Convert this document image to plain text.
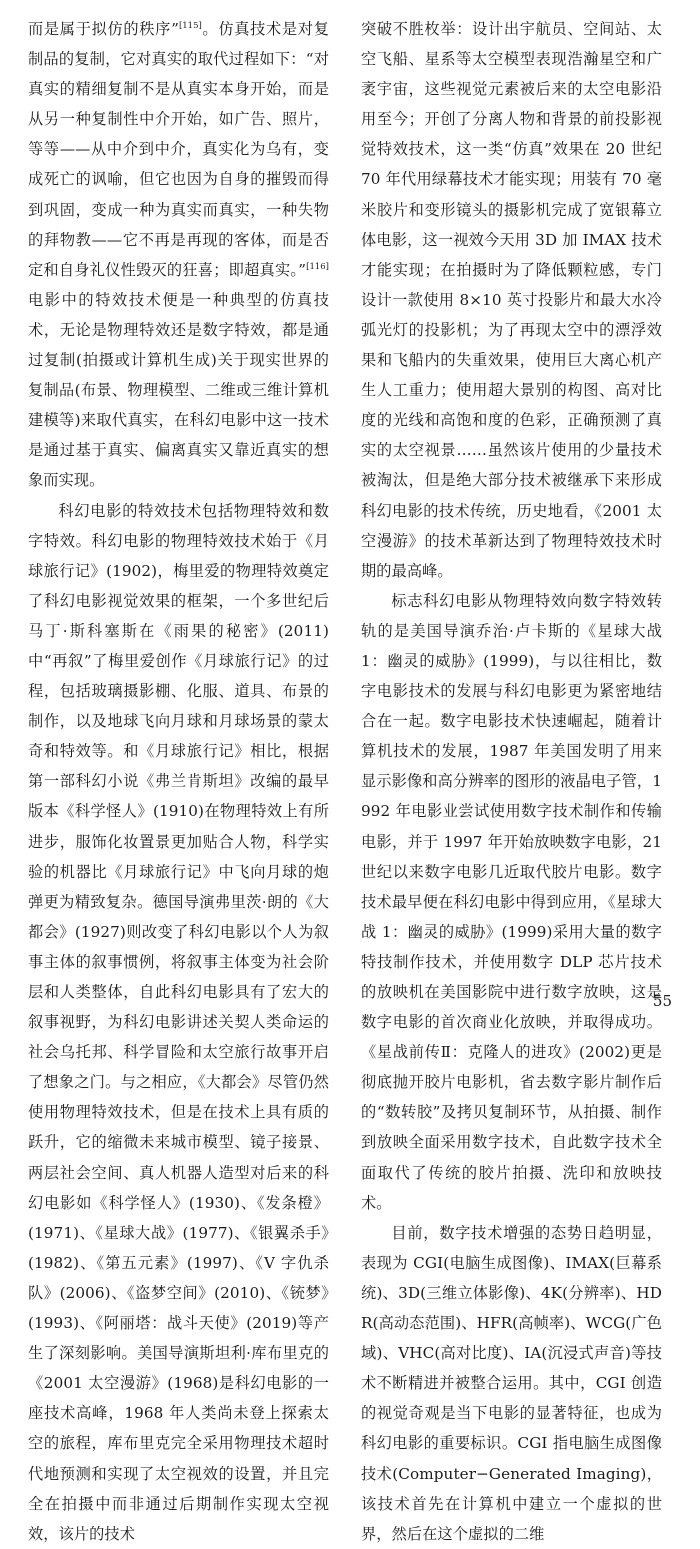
而是属于拟仿的秩序”[115]。仿真技术是对复制品的复制，它对真实的取代过程如下：“对真实的精细复制不是从真实本身开始，而是从另一种复制性中介开始，如广告、照片，等等——从中介到中介，真实化为乌有，变成死亡的讽喻，但它也因为自身的摧毁而得到巩固，变成一种为真实而真实，一种失物的拜物教——它不再是再现的客体，而是否定和自身礼仪性毁灭的狂喜；即超真实。”[116]电影中的特效技术便是一种典型的仿真技术，无论是物理特效还是数字特效，都是通过复制(拍摄或计算机生成)关于现实世界的复制品(布景、物理模型、二维或三维计算机建模等)来取代真实，在科幻电影中这一技术是通过基于真实、偏离真实又靠近真实的想象而实现。

科幻电影的特效技术包括物理特效和数字特效。科幻电影的物理特效技术始于《月球旅行记》(1902)，梅里爱的物理特效奠定了科幻电影视觉效果的框架，一个多世纪后马丁·斯科塞斯在《雨果的秘密》(2011)中“再叙”了梅里爱创作《月球旅行记》的过程，包括玻璃摄影棚、化服、道具、布景的制作，以及地球飞向月球和月球场景的蒙太奇和特效等。和《月球旅行记》相比，根据第一部科幻小说《弗兰肯斯坦》改编的最早版本《科学怪人》(1910)在物理特效上有所进步，服饰化妆置景更加贴合人物，科学实验的机器比《月球旅行记》中飞向月球的炮弹更为精致复杂。德国导演弗里茨·朗的《大都会》(1927)则改变了科幻电影以个人为叙事主体的叙事惯例，将叙事主体变为社会阶层和人类整体，自此科幻电影具有了宏大的叙事视野，为科幻电影讲述关契人类命运的社会乌托邦、科学冒险和太空旅行故事开启了想象之门。与之相应，《大都会》尽管仍然使用物理特效技术，但是在技术上具有质的跃升，它的缩微未来城市模型、镜子接景、两层社会空间、真人机器人造型对后来的科幻电影如《科学怪人》(1930)、《发条橙》(1971)、《星球大战》(1977)、《银翼杀手》(1982)、《第五元素》(1997)、《V 字仇杀队》(2006)、《盗梦空间》(2010)、《铳梦》(1993)、《阿丽塔：战斗天使》(2019)等产生了深刻影响。美国导演斯坦利·库布里克的《2001 太空漫游》(1968)是科幻电影的一座技术高峰，1968 年人类尚未登上探索太空的旅程，库布里克完全采用物理技术超时代地预测和实现了太空视效的设置，并且完全在拍摄中而非通过后期制作实现太空视效，该片的技术

突破不胜枚举：设计出宇航员、空间站、太空飞船、星系等太空模型表现浩瀚星空和广袤宇宙，这些视觉元素被后来的太空电影沿用至今；开创了分离人物和背景的前投影视觉特效技术，这一类“仿真”效果在 20 世纪 70 年代用绿幕技术才能实现；用装有 70 毫米胶片和变形镜头的摄影机完成了宽银幕立体电影，这一视效今天用 3D 加 IMAX 技术才能实现；在拍摄时为了降低颗粒感，专门设计一款使用 8×10 英寸投影片和最大水冷弧光灯的投影机；为了再现太空中的漂浮效果和飞船内的失重效果，使用巨大离心机产生人工重力；使用超大景别的构图、高对比度的光线和高饱和度的色彩，正确预测了真实的太空视景……虽然该片使用的少量技术被淘汰，但是绝大部分技术被继承下来形成科幻电影的技术传统，历史地看，《2001 太空漫游》的技术革新达到了物理特效技术时期的最高峰。

标志科幻电影从物理特效向数字特效转轨的是美国导演乔治·卢卡斯的《星球大战 1：幽灵的威胁》(1999)，与以往相比，数字电影技术的发展与科幻电影更为紧密地结合在一起。数字电影技术快速崛起，随着计算机技术的发展，1987 年美国发明了用来显示影像和高分辨率的图形的液晶电子管，1992 年电影业尝试使用数字技术制作和传输电影，并于 1997 年开始放映数字电影，21 世纪以来数字电影几近取代胶片电影。数字技术最早便在科幻电影中得到应用，《星球大战 1：幽灵的威胁》(1999)采用大量的数字特技制作技术，并使用数字 DLP 芯片技术的放映机在美国影院中进行数字放映，这是数字电影的首次商业化放映，并取得成功。《星战前传Ⅱ：克隆人的进攻》(2002)更是彻底抛开胶片电影机，省去数字影片制作后的“数转胶”及拷贝复制环节，从拍摄、制作到放映全面采用数字技术，自此数字技术全面取代了传统的胶片拍摄、洗印和放映技术。

目前，数字技术增强的态势日趋明显，表现为 CGI(电脑生成图像)、IMAX(巨幕系统)、3D(三维立体影像)、4K(分辨率)、HDR(高动态范围)、HFR(高帧率)、WCG(广色域)、VHC(高对比度)、IA(沉浸式声音)等技术不断精进并被整合运用。其中，CGI 创造的视觉奇观是当下电影的显著特征，也成为科幻电影的重要标识。CGI 指电脑生成图像技术(Computer−Generated Imaging)，该技术首先在计算机中建立一个虚拟的世界，然后在这个虚拟的二维

55
